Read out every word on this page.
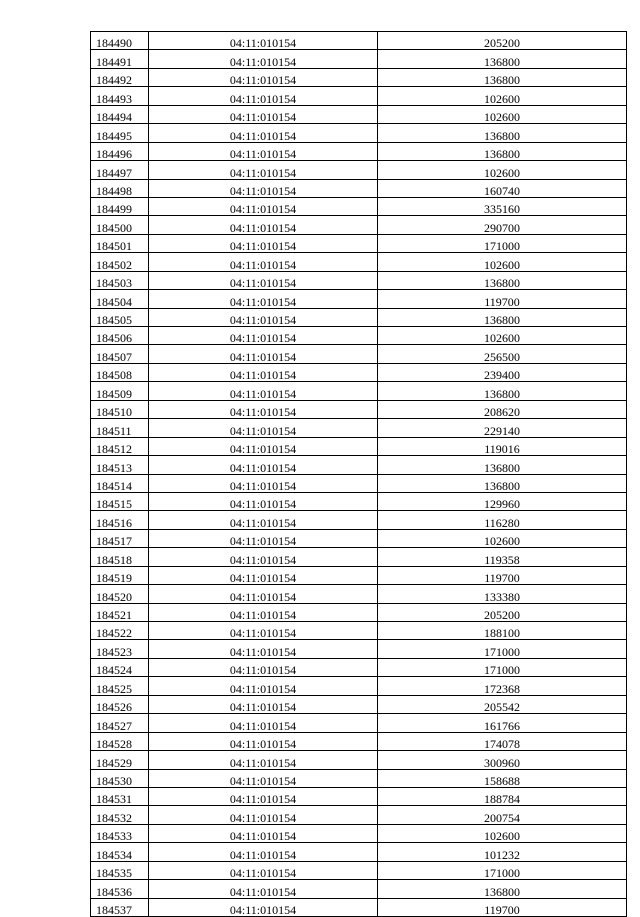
184490	04:11:010154	205200
184491	04:11:010154	136800
184492	04:11:010154	136800
184493	04:11:010154	102600
184494	04:11:010154	102600
184495	04:11:010154	136800
184496	04:11:010154	136800
184497	04:11:010154	102600
184498	04:11:010154	160740
184499	04:11:010154	335160
184500	04:11:010154	290700
184501	04:11:010154	171000
184502	04:11:010154	102600
184503	04:11:010154	136800
184504	04:11:010154	119700
184505	04:11:010154	136800
184506	04:11:010154	102600
184507	04:11:010154	256500
184508	04:11:010154	239400
184509	04:11:010154	136800
184510	04:11:010154	208620
184511	04:11:010154	229140
184512	04:11:010154	119016
184513	04:11:010154	136800
184514	04:11:010154	136800
184515	04:11:010154	129960
184516	04:11:010154	116280
184517	04:11:010154	102600
184518	04:11:010154	119358
184519	04:11:010154	119700
184520	04:11:010154	133380
184521	04:11:010154	205200
184522	04:11:010154	188100
184523	04:11:010154	171000
184524	04:11:010154	171000
184525	04:11:010154	172368
184526	04:11:010154	205542
184527	04:11:010154	161766
184528	04:11:010154	174078
184529	04:11:010154	300960
184530	04:11:010154	158688
184531	04:11:010154	188784
184532	04:11:010154	200754
184533	04:11:010154	102600
184534	04:11:010154	101232
184535	04:11:010154	171000
184536	04:11:010154	136800
184537	04:11:010154	119700
